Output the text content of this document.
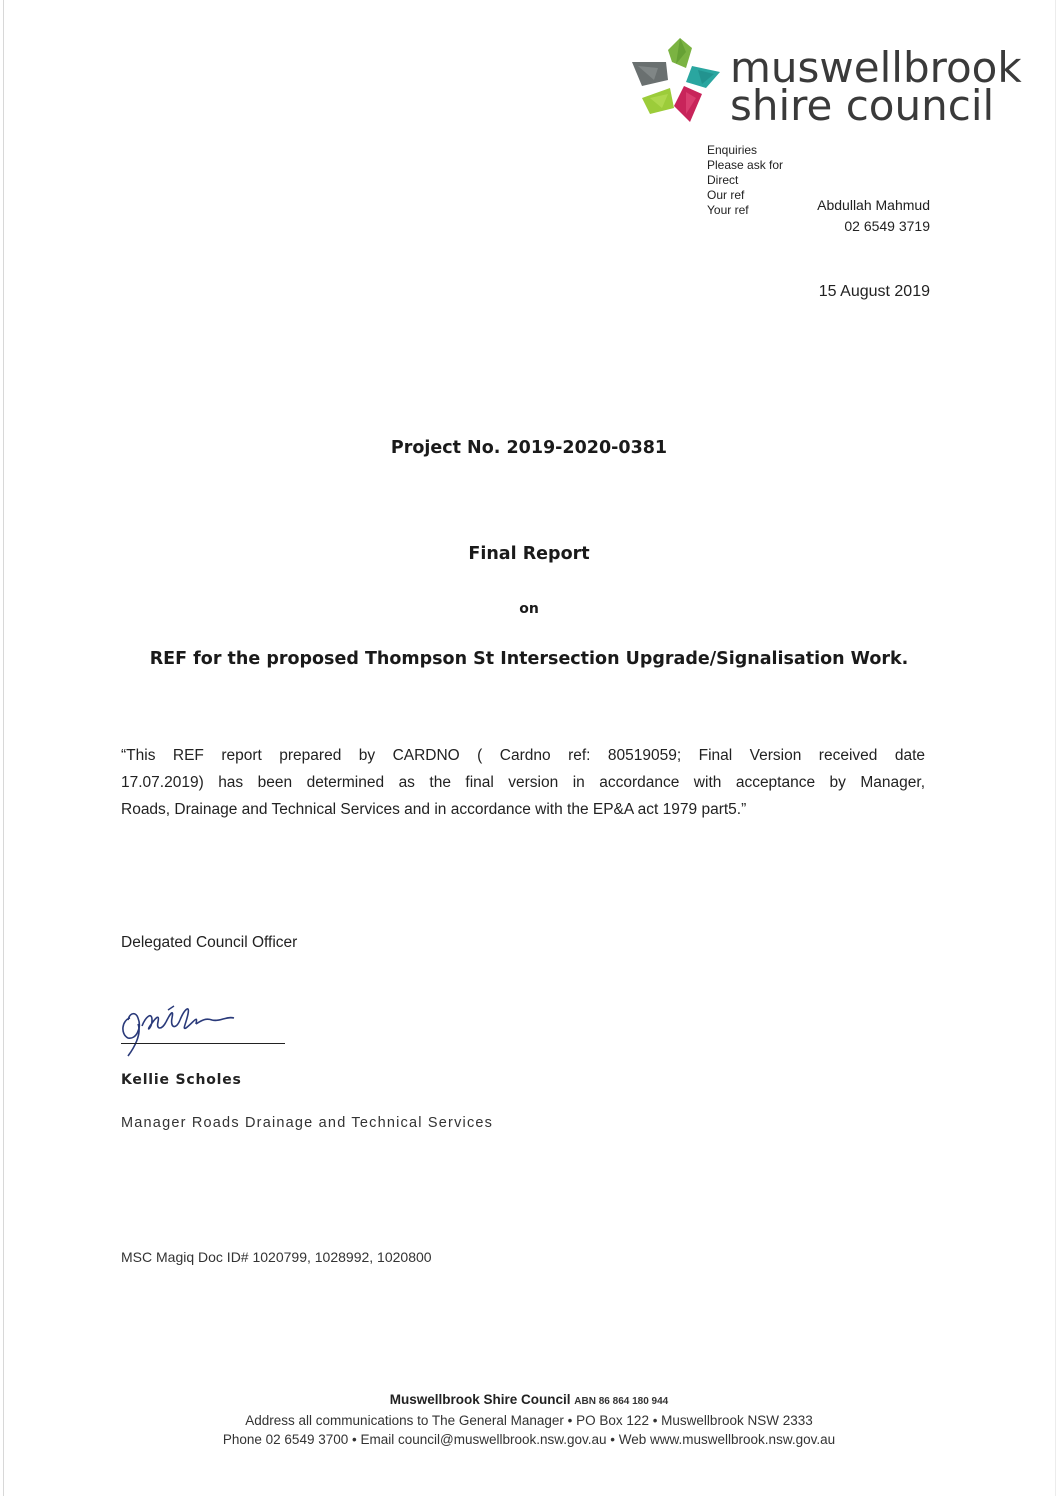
muswellbrook
shire council
Enquiries
Please ask for
Direct
Our ref
Your ref	Abdullah Mahmud
02 6549 3719
15 August 2019
Project No. 2019-2020-0381
Final Report
on
REF for the proposed Thompson St Intersection Upgrade/Signalisation Work.
“This REF report prepared by CARDNO ( Cardno ref: 80519059; Final Version received date
17.07.2019) has been determined as the final version in accordance with acceptance by Manager,
Roads, Drainage and Technical Services and in accordance with the EP&A act 1979 part5.”
Delegated Council Officer
Kellie Scholes
Manager Roads Drainage and Technical Services
MSC Magiq Doc ID# 1020799, 1028992, 1020800
Muswellbrook Shire Council ABN 86 864 180 944
Address all communications to The General Manager • PO Box 122 • Muswellbrook NSW 2333
Phone 02 6549 3700 • Email council@muswellbrook.nsw.gov.au • Web www.muswellbrook.nsw.gov.au
